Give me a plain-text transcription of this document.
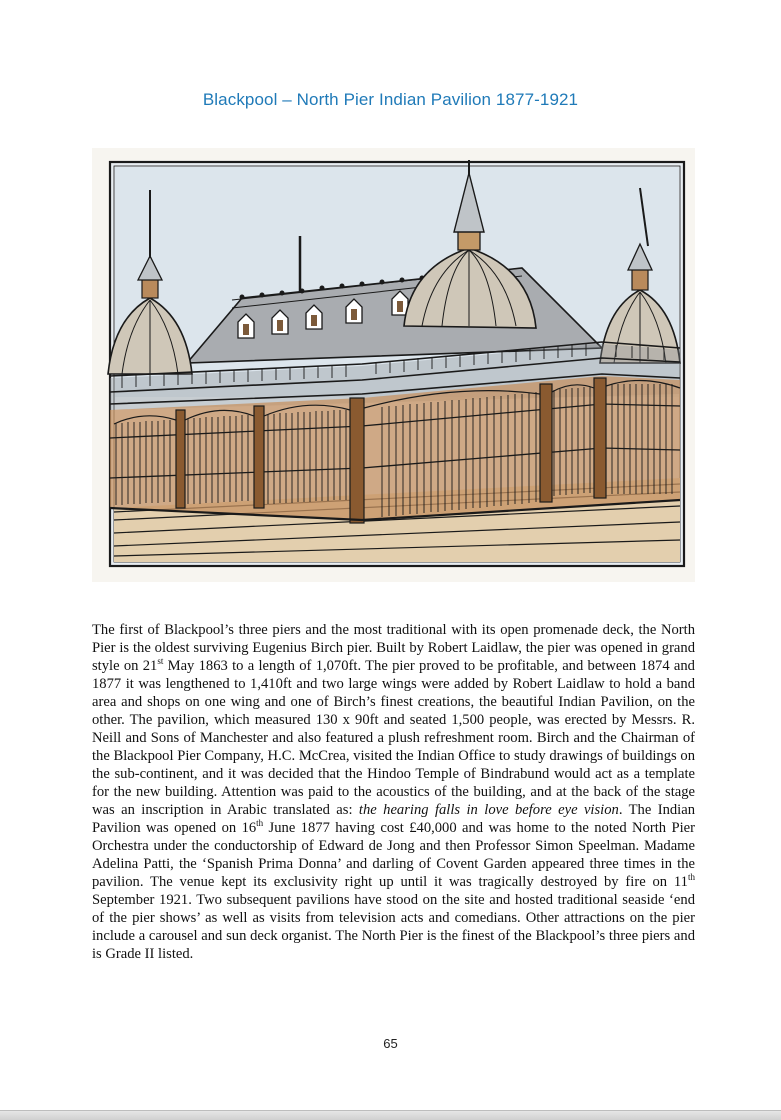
Blackpool – North Pier Indian Pavilion 1877-1921
The first of Blackpool’s three piers and the most traditional with its open promenade deck, the North Pier is the oldest surviving Eugenius Birch pier. Built by Robert Laidlaw, the pier was opened in grand style on 21st May 1863 to a length of 1,070ft. The pier proved to be profitable, and between 1874 and 1877 it was lengthened to 1,410ft and two large wings were added by Robert Laidlaw to hold a band area and shops on one wing and one of Birch’s finest creations, the beautiful Indian Pavilion, on the other. The pavilion, which measured 130 x 90ft and seated 1,500 people, was erected by Messrs. R. Neill and Sons of Manchester and also featured a plush refreshment room. Birch and the Chairman of the Blackpool Pier Company, H.C. McCrea, visited the Indian Office to study drawings of buildings on the sub-continent, and it was decided that the Hindoo Temple of Bindrabund would act as a template for the new building. Attention was paid to the acoustics of the building, and at the back of the stage was an inscription in Arabic translated as: the hearing falls in love before eye vision. The Indian Pavilion was opened on 16th June 1877 having cost £40,000 and was home to the noted North Pier Orchestra under the conductorship of Edward de Jong and then Professor Simon Speelman. Madame Adelina Patti, the ‘Spanish Prima Donna’ and darling of Covent Garden appeared three times in the pavilion. The venue kept its exclusivity right up until it was tragically destroyed by fire on 11th September 1921. Two subsequent pavilions have stood on the site and hosted traditional seaside ‘end of the pier shows’ as well as visits from television acts and comedians. Other attractions on the pier include a carousel and sun deck organist. The North Pier is the finest of the Blackpool’s three piers and is Grade II listed.
65
